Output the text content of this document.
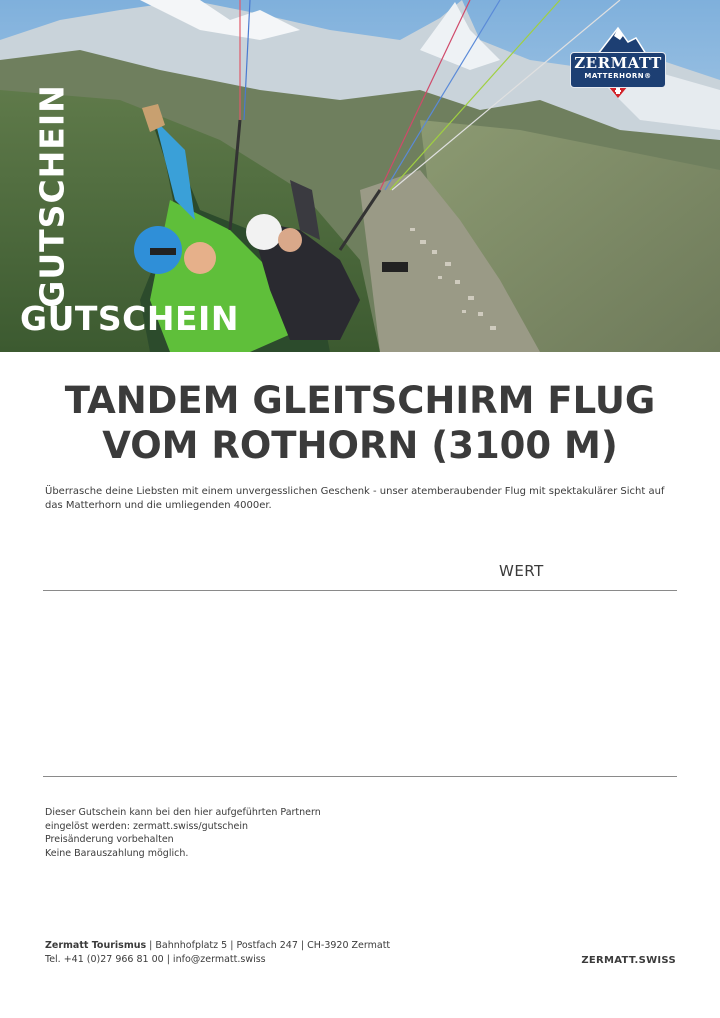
GUTSCHEIN
GUTSCHEIN
ZERMATT
MATTERHORN®
TANDEM GLEITSCHIRM FLUG
VOM ROTHORN (3100 M)

Überrasche deine Liebsten mit einem unvergesslichen Geschenk - unser atemberaubender Flug mit spektakulärer Sicht auf das Matterhorn und die umliegenden 4000er.

WERT
Dieser Gutschein kann bei den hier aufgeführten Partnern
eingelöst werden: zermatt.swiss/gutschein
Preisänderung vorbehalten
Keine Barauszahlung möglich.
Zermatt Tourismus | Bahnhofplatz 5 | Postfach 247 | CH-3920 Zermatt
Tel. +41 (0)27 966 81 00 | info@zermatt.swiss	ZERMATT.SWISS
